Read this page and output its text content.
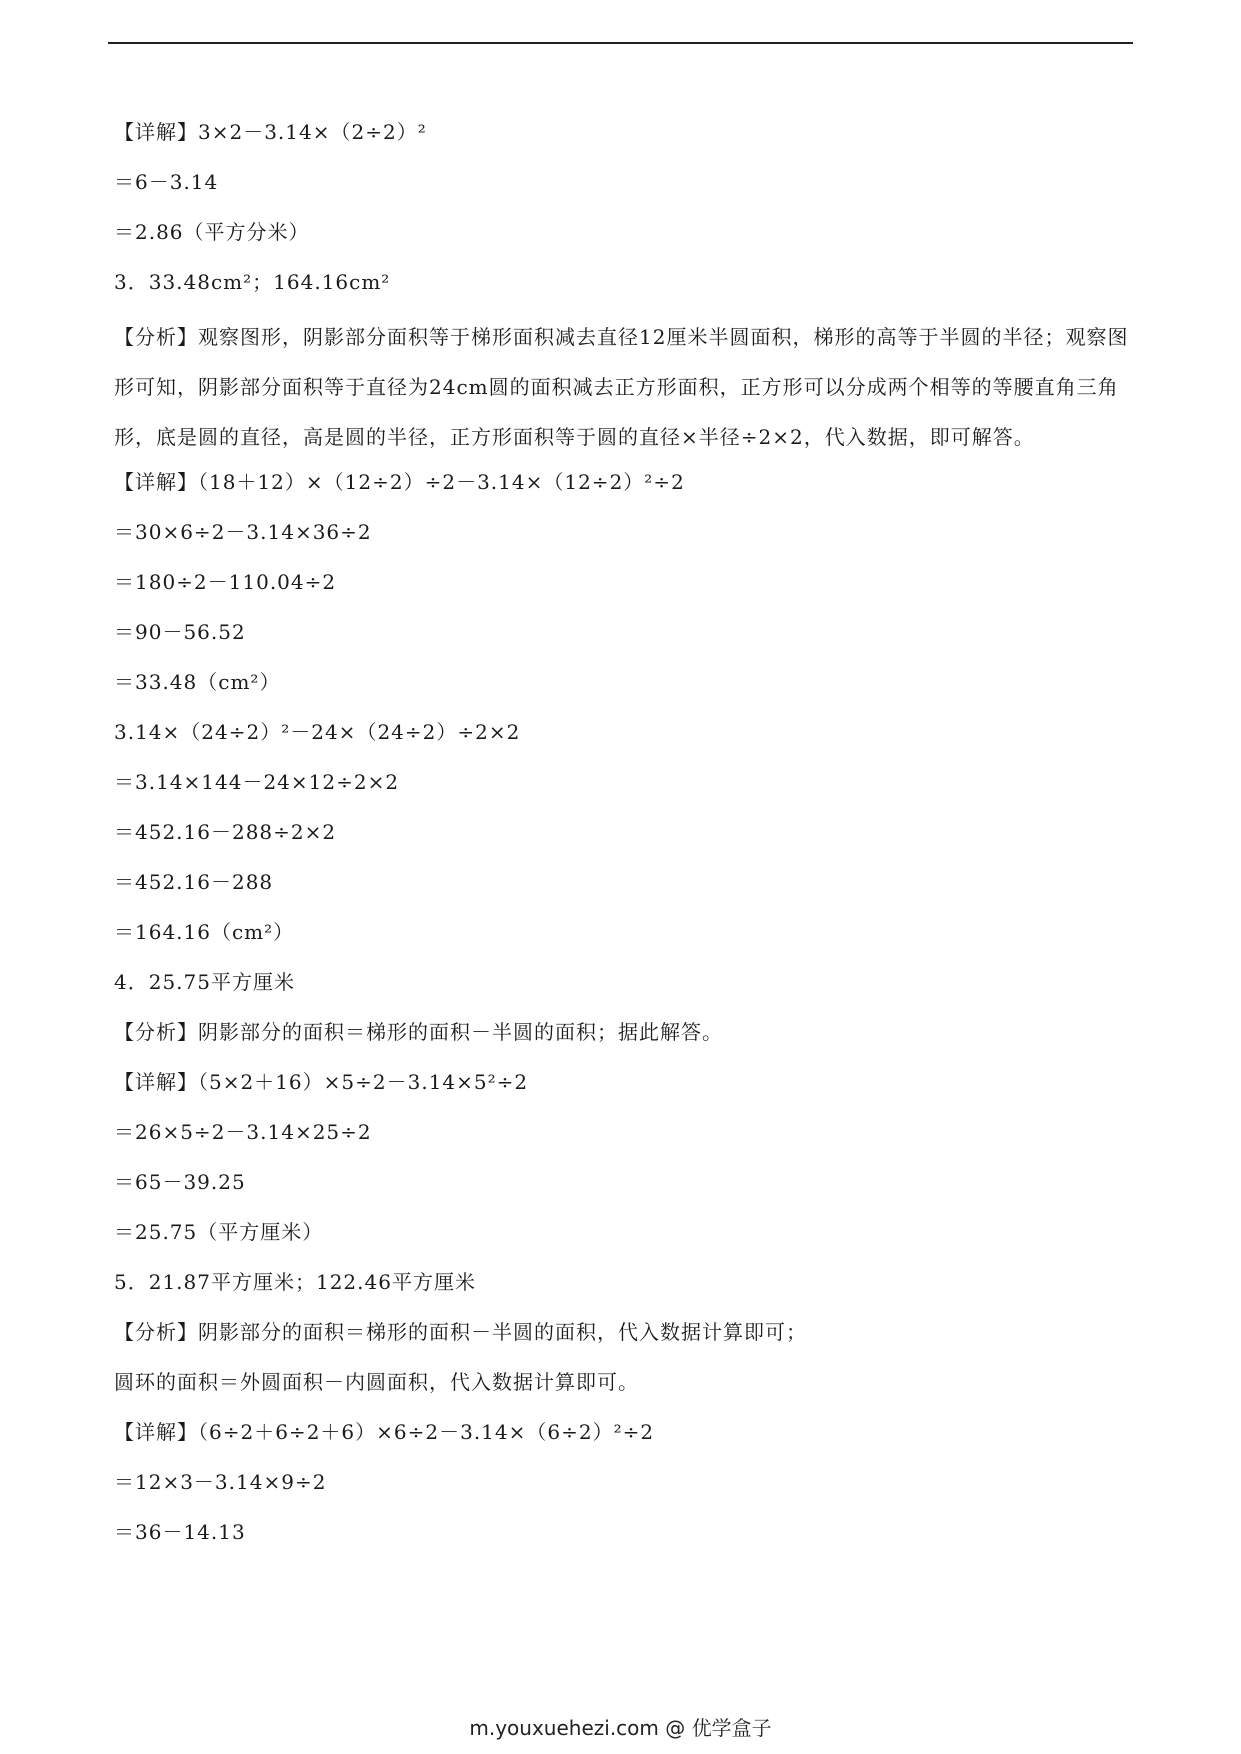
【详解】3×2－3.14×（2÷2）²
＝6－3.14
＝2.86（平方分米）
3．33.48cm²；164.16cm²
【分析】观察图形，阴影部分面积等于梯形面积减去直径12厘米半圆面积，梯形的高等于半圆的半径；观察图形可知，阴影部分面积等于直径为24cm圆的面积减去正方形面积，正方形可以分成两个相等的等腰直角三角形，底是圆的直径，高是圆的半径，正方形面积等于圆的直径×半径÷2×2，代入数据，即可解答。
【详解】（18＋12）×（12÷2）÷2－3.14×（12÷2）²÷2
＝30×6÷2－3.14×36÷2
＝180÷2－110.04÷2
＝90－56.52
＝33.48（cm²）
3.14×（24÷2）²－24×（24÷2）÷2×2
＝3.14×144－24×12÷2×2
＝452.16－288÷2×2
＝452.16－288
＝164.16（cm²）
4．25.75平方厘米
【分析】阴影部分的面积＝梯形的面积－半圆的面积；据此解答。
【详解】（5×2＋16）×5÷2－3.14×5²÷2
＝26×5÷2－3.14×25÷2
＝65－39.25
＝25.75（平方厘米）
5．21.87平方厘米；122.46平方厘米
【分析】阴影部分的面积＝梯形的面积－半圆的面积，代入数据计算即可；
圆环的面积＝外圆面积－内圆面积，代入数据计算即可。
【详解】（6÷2＋6÷2＋6）×6÷2－3.14×（6÷2）²÷2
＝12×3－3.14×9÷2
＝36－14.13
m.youxuehezi.com @ 优学盒子
